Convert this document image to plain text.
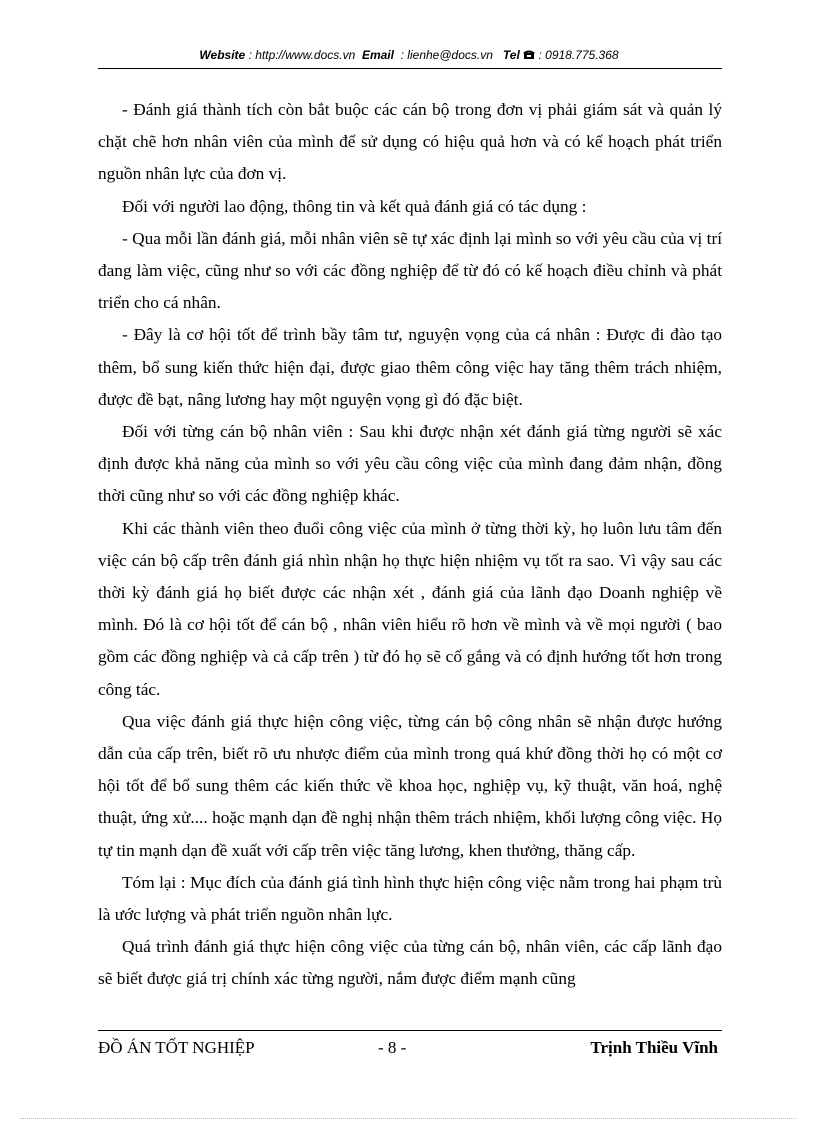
Website : http://www.docs.vn Email : lienhe@docs.vn Tel : 0918.775.368

- Đánh giá thành tích còn bắt buộc các cán bộ trong đơn vị phải giám sát và quản lý chặt chẽ hơn nhân viên của mình để sử dụng có hiệu quả hơn và có kế hoạch phát triển nguồn nhân lực của đơn vị.

Đối với người lao động, thông tin và kết quả đánh giá có tác dụng :

- Qua mỗi lần đánh giá, mỗi nhân viên sẽ tự xác định lại mình so với yêu cầu của vị trí đang làm việc, cũng như so với các đồng nghiệp để từ đó có kế hoạch điều chỉnh và phát triển cho cá nhân.

- Đây là cơ hội tốt để trình bầy tâm tư, nguyện vọng của cá nhân : Được đi đào tạo thêm, bổ sung kiến thức hiện đại, được giao thêm công việc hay tăng thêm trách nhiệm, được đề bạt, nâng lương hay một nguyện vọng gì đó đặc biệt.

Đối với từng cán bộ nhân viên : Sau khi được nhận xét đánh giá từng người sẽ xác định được khả năng của mình so với yêu cầu công việc của mình đang đảm nhận, đồng thời cũng như so với các đồng nghiệp khác.

Khi các thành viên theo đuổi công việc của mình ở từng thời kỳ, họ luôn lưu tâm đến việc cán bộ cấp trên đánh giá nhìn nhận họ thực hiện nhiệm vụ tốt ra sao. Vì vậy sau các thời kỳ đánh giá họ biết được các nhận xét , đánh giá của lãnh đạo Doanh nghiệp về mình. Đó là cơ hội tốt để cán bộ , nhân viên hiểu rõ hơn về mình và về mọi người ( bao gồm các đồng nghiệp và cả cấp trên ) từ đó họ sẽ cố gắng và có định hướng tốt hơn trong công tác.

Qua việc đánh giá thực hiện công việc, từng cán bộ công nhân sẽ nhận được hướng dẫn của cấp trên, biết rõ ưu nhược điểm của mình trong quá khứ đồng thời họ có một cơ hội tốt để bổ sung thêm các kiến thức về khoa học, nghiệp vụ, kỹ thuật, văn hoá, nghệ thuật, ứng xử.... hoặc mạnh dạn đề nghị nhận thêm trách nhiệm, khối lượng công việc. Họ tự tin mạnh dạn đề xuất với cấp trên việc tăng lương, khen thưởng, thăng cấp.

Tóm lại : Mục đích của đánh giá tình hình thực hiện công việc nằm trong hai phạm trù là ước lượng và phát triển nguồn nhân lực.

Quá trình đánh giá thực hiện công việc của từng cán bộ, nhân viên, các cấp lãnh đạo sẽ biết được giá trị chính xác từng người, nắm được điểm mạnh cũng

ĐỒ ÁN TỐT NGHIỆP	- 8 -	Trịnh Thiều Vĩnh
